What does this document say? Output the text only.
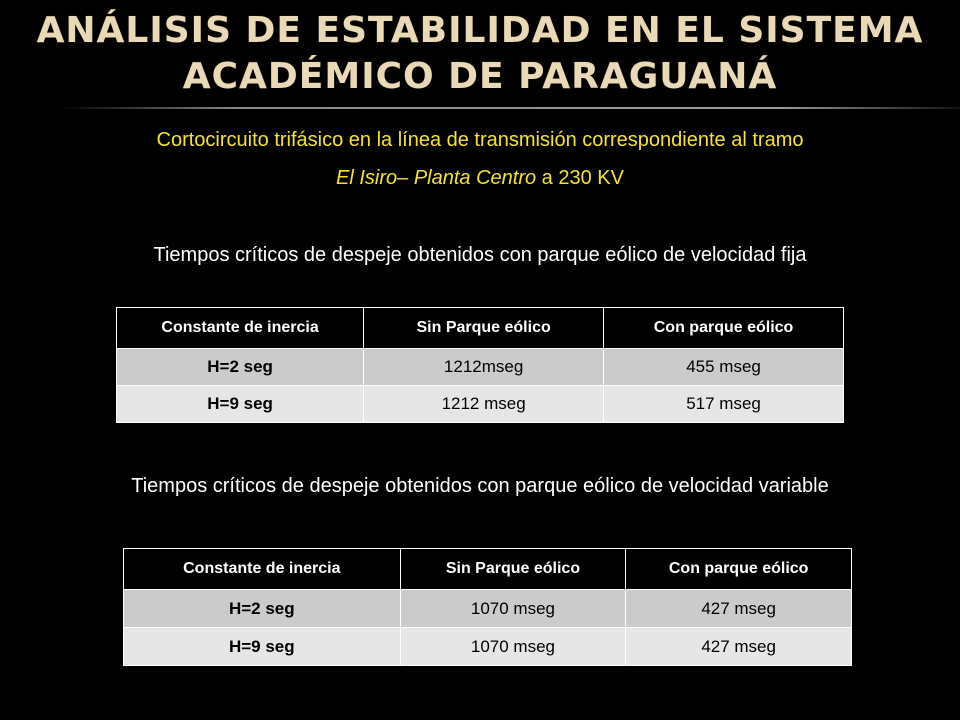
ANÁLISIS DE ESTABILIDAD EN EL SISTEMA
ACADÉMICO DE PARAGUANÁ
Cortocircuito trifásico en la línea de transmisión correspondiente al tramo
El Isiro– Planta Centro a 230 KV
Tiempos críticos de despeje obtenidos con parque eólico de velocidad fija
Constante de inercia	Sin Parque eólico	Con parque eólico
H=2 seg	1212mseg	455 mseg
H=9 seg	1212 mseg	517 mseg
Tiempos críticos de despeje obtenidos con parque eólico de velocidad variable
Constante de inercia	Sin Parque eólico	Con parque eólico
H=2 seg	1070 mseg	427 mseg
H=9 seg	1070 mseg	427 mseg
